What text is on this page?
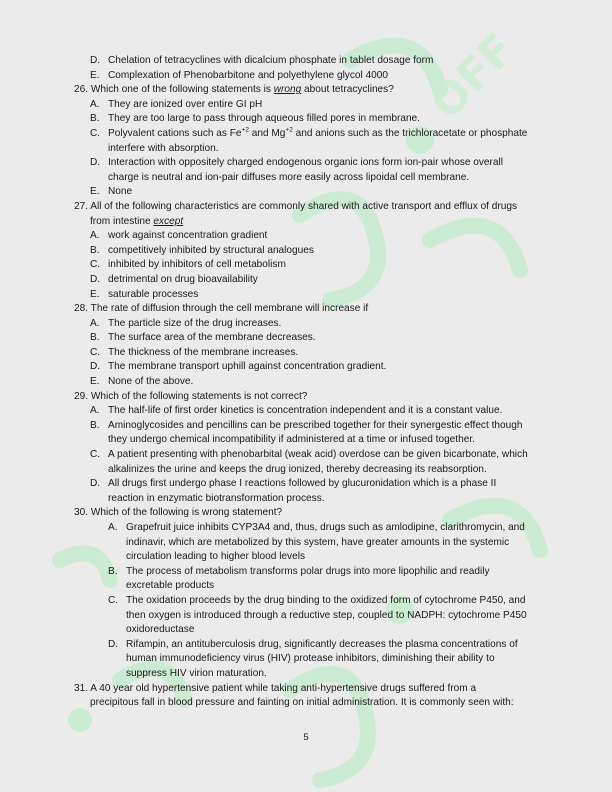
OFF
D. Chelation of tetracyclines with dicalcium phosphate in tablet dosage form
E. Complexation of Phenobarbitone and polyethylene glycol 4000
26. Which one of the following statements is wrong about tetracyclines?
A. They are ionized over entire GI pH
B. They are too large to pass through aqueous filled pores in membrane.
C. Polyvalent cations such as $Fe^{+2}$ and $Mg^{+2}$ and anions such as the trichloracetate or phosphate
interfere with absorption.
D. Interaction with oppositely charged endogenous organic ions form ion-pair whose overall
charge is neutral and ion-pair diffuses more easily across lipoidal cell membrane.
E. None
27. All of the following characteristics are commonly shared with active transport and efflux of drugs
from intestine except
A. work against concentration gradient
B. competitively inhibited by structural analogues
C. inhibited by inhibitors of cell metabolism
D. detrimental on drug bioavailability
E. saturable processes
28. The rate of diffusion through the cell membrane will increase if
A. The particle size of the drug increases.
B. The surface area of the membrane decreases.
C. The thickness of the membrane increases.
D. The membrane transport uphill against concentration gradient.
E. None of the above.
29. Which of the following statements is not correct?
A. The half-life of first order kinetics is concentration independent and it is a constant value.
B. Aminoglycosides and pencillins can be prescribed together for their synergestic effect though
they undergo chemical incompatibility if administered at a time or infused together.
C. A patient presenting with phenobarbital (weak acid) overdose can be given bicarbonate, which
alkalinizes the urine and keeps the drug ionized, thereby decreasing its reabsorption.
D. All drugs first undergo phase I reactions followed by glucuronidation which is a phase II
reaction in enzymatic biotransformation process.
30. Which of the following is wrong statement?
A. Grapefruit juice inhibits CYP3A4 and, thus, drugs such as amlodipine, clarithromycin, and
indinavir, which are metabolized by this system, have greater amounts in the systemic
circulation leading to higher blood levels
B. The process of metabolism transforms polar drugs into more lipophilic and readily
excretable products
C. The oxidation proceeds by the drug binding to the oxidized form of cytochrome P450, and
then oxygen is introduced through a reductive step, coupled to NADPH: cytochrome P450
oxidoreductase
D. Rifampin, an antituberculosis drug, significantly decreases the plasma concentrations of
human immunodeficiency virus (HIV) protease inhibitors, diminishing their ability to
suppress HIV virion maturation.
31. A 40 year old hypertensive patient while taking anti-hypertensive drugs suffered from a
precipitous fall in blood pressure and fainting on initial administration. It is commonly seen with:
5
